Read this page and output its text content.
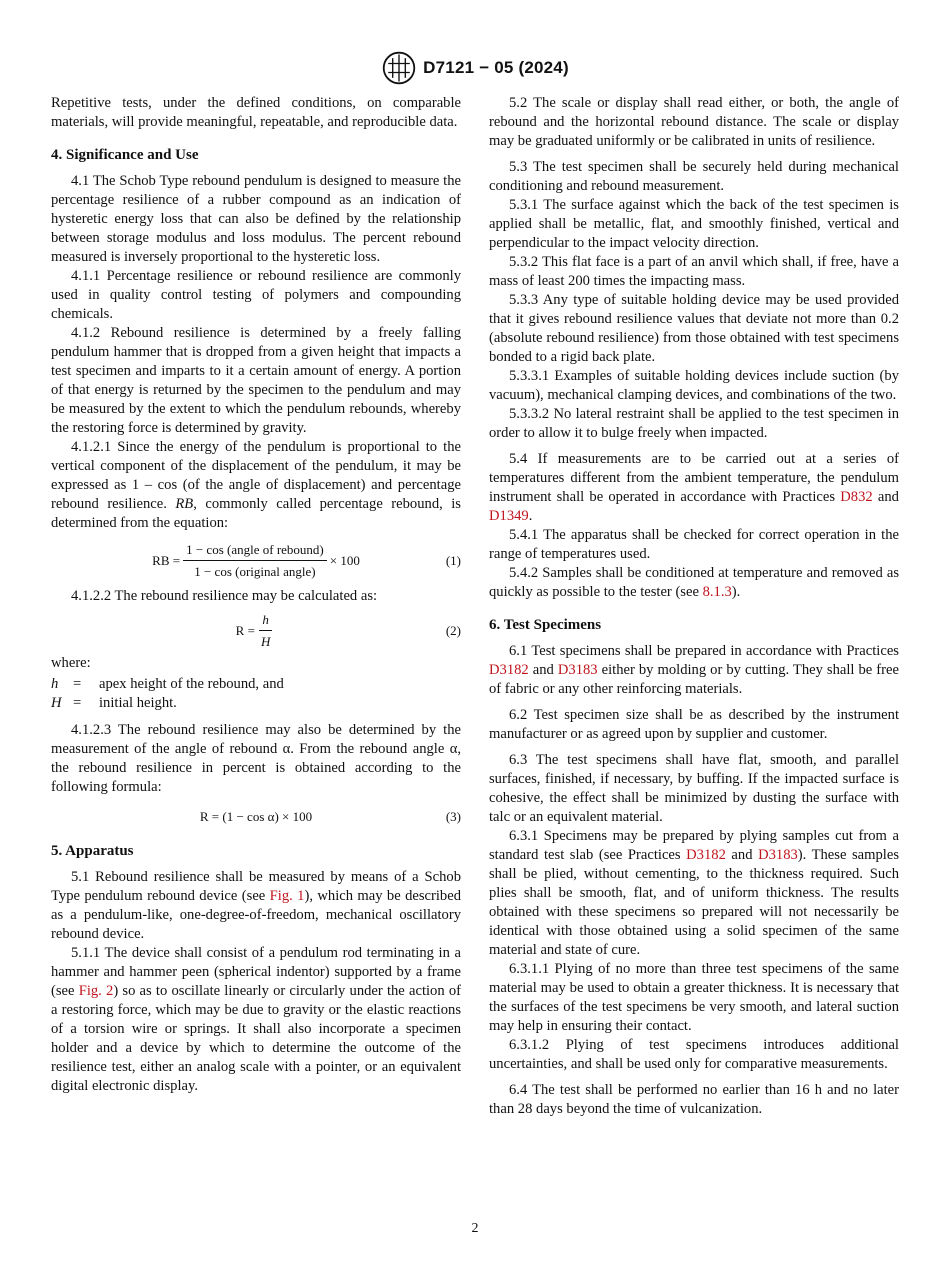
D7121 − 05 (2024)

Repetitive tests, under the defined conditions, on comparable materials, will provide meaningful, repeatable, and reproducible data.

4. Significance and Use

4.1 The Schob Type rebound pendulum is designed to measure the percentage resilience of a rubber compound as an indication of hysteretic energy loss that can also be defined by the relationship between storage modulus and loss modulus. The percent rebound measured is inversely proportional to the hysteretic loss.

4.1.1 Percentage resilience or rebound resilience are commonly used in quality control testing of polymers and compounding chemicals.

4.1.2 Rebound resilience is determined by a freely falling pendulum hammer that is dropped from a given height that impacts a test specimen and imparts to it a certain amount of energy. A portion of that energy is returned by the specimen to the pendulum and may be measured by the extent to which the pendulum rebounds, whereby the restoring force is determined by gravity.

4.1.2.1 Since the energy of the pendulum is proportional to the vertical component of the displacement of the pendulum, it may be expressed as 1 – cos (of the angle of displacement) and percentage rebound resilience. RB, commonly called percentage rebound, is determined from the equation:

RB = $\frac{\text{1 − cos (angle of rebound)}}{\text{1 − cos (original angle)}} \times 100$	(1)

4.1.2.2 The rebound resilience may be calculated as:

$R = \frac{h}{H}$	(2)

where:

h	=	apex height of the rebound, and
H =	initial height.

4.1.2.3 The rebound resilience may also be determined by the measurement of the angle of rebound α. From the rebound angle α, the rebound resilience in percent is obtained according to the following formula:

R = (1 − cos α) × 100	(3)
5. Apparatus

5.1 Rebound resilience shall be measured by means of a Schob Type pendulum rebound device (see Fig. 1), which may be described as a pendulum-like, one-degree-of-freedom, mechanical oscillatory rebound device.

5.1.1 The device shall consist of a pendulum rod terminating in a hammer and hammer peen (spherical indentor) supported by a frame (see Fig. 2) so as to oscillate linearly or circularly under the action of a restoring force, which may be due to gravity or the elastic reactions of a torsion wire or springs. It shall also incorporate a specimen holder and a device by which to determine the outcome of the resilience test, either an analog scale with a pointer, or an equivalent digital electronic display.

5.2 The scale or display shall read either, or both, the angle of rebound and the horizontal rebound distance. The scale or display may be graduated uniformly or be calibrated in units of resilience.

5.3 The test specimen shall be securely held during mechanical conditioning and rebound measurement.

5.3.1 The surface against which the back of the test specimen is applied shall be metallic, flat, and smoothly finished, vertical and perpendicular to the impact velocity direction.

5.3.2 This flat face is a part of an anvil which shall, if free, have a mass of least 200 times the impacting mass.

5.3.3 Any type of suitable holding device may be used provided that it gives rebound resilience values that deviate not more than 0.2 (absolute rebound resilience) from those obtained with test specimens bonded to a rigid back plate.

5.3.3.1 Examples of suitable holding devices include suction (by vacuum), mechanical clamping devices, and combinations of the two.

5.3.3.2 No lateral restraint shall be applied to the test specimen in order to allow it to bulge freely when impacted.

5.4 If measurements are to be carried out at a series of temperatures different from the ambient temperature, the pendulum instrument shall be operated in accordance with Practices D832 and D1349.

5.4.1 The apparatus shall be checked for correct operation in the range of temperatures used.

5.4.2 Samples shall be conditioned at temperature and removed as quickly as possible to the tester (see 8.1.3).

6. Test Specimens

6.1 Test specimens shall be prepared in accordance with Practices D3182 and D3183 either by molding or by cutting. They shall be free of fabric or any other reinforcing materials.

6.2 Test specimen size shall be as described by the instrument manufacturer or as agreed upon by supplier and customer.

6.3 The test specimens shall have flat, smooth, and parallel surfaces, finished, if necessary, by buffing. If the impacted surface is cohesive, the effect shall be minimized by dusting the surface with talc or an equivalent material.

6.3.1 Specimens may be prepared by plying samples cut from a standard test slab (see Practices D3182 and D3183). These samples shall be plied, without cementing, to the thickness required. Such plies shall be smooth, flat, and of uniform thickness. The results obtained with these specimens so prepared will not necessarily be identical with those obtained using a solid specimen of the same material and state of cure.

6.3.1.1 Plying of no more than three test specimens of the same material may be used to obtain a greater thickness. It is necessary that the surfaces of the test specimens be very smooth, and lateral suction may help in ensuring their contact.

6.3.1.2 Plying of test specimens introduces additional uncertainties, and shall be used only for comparative measurements.

6.4 The test shall be performed no earlier than 16 h and no later than 28 days beyond the time of vulcanization.

2
